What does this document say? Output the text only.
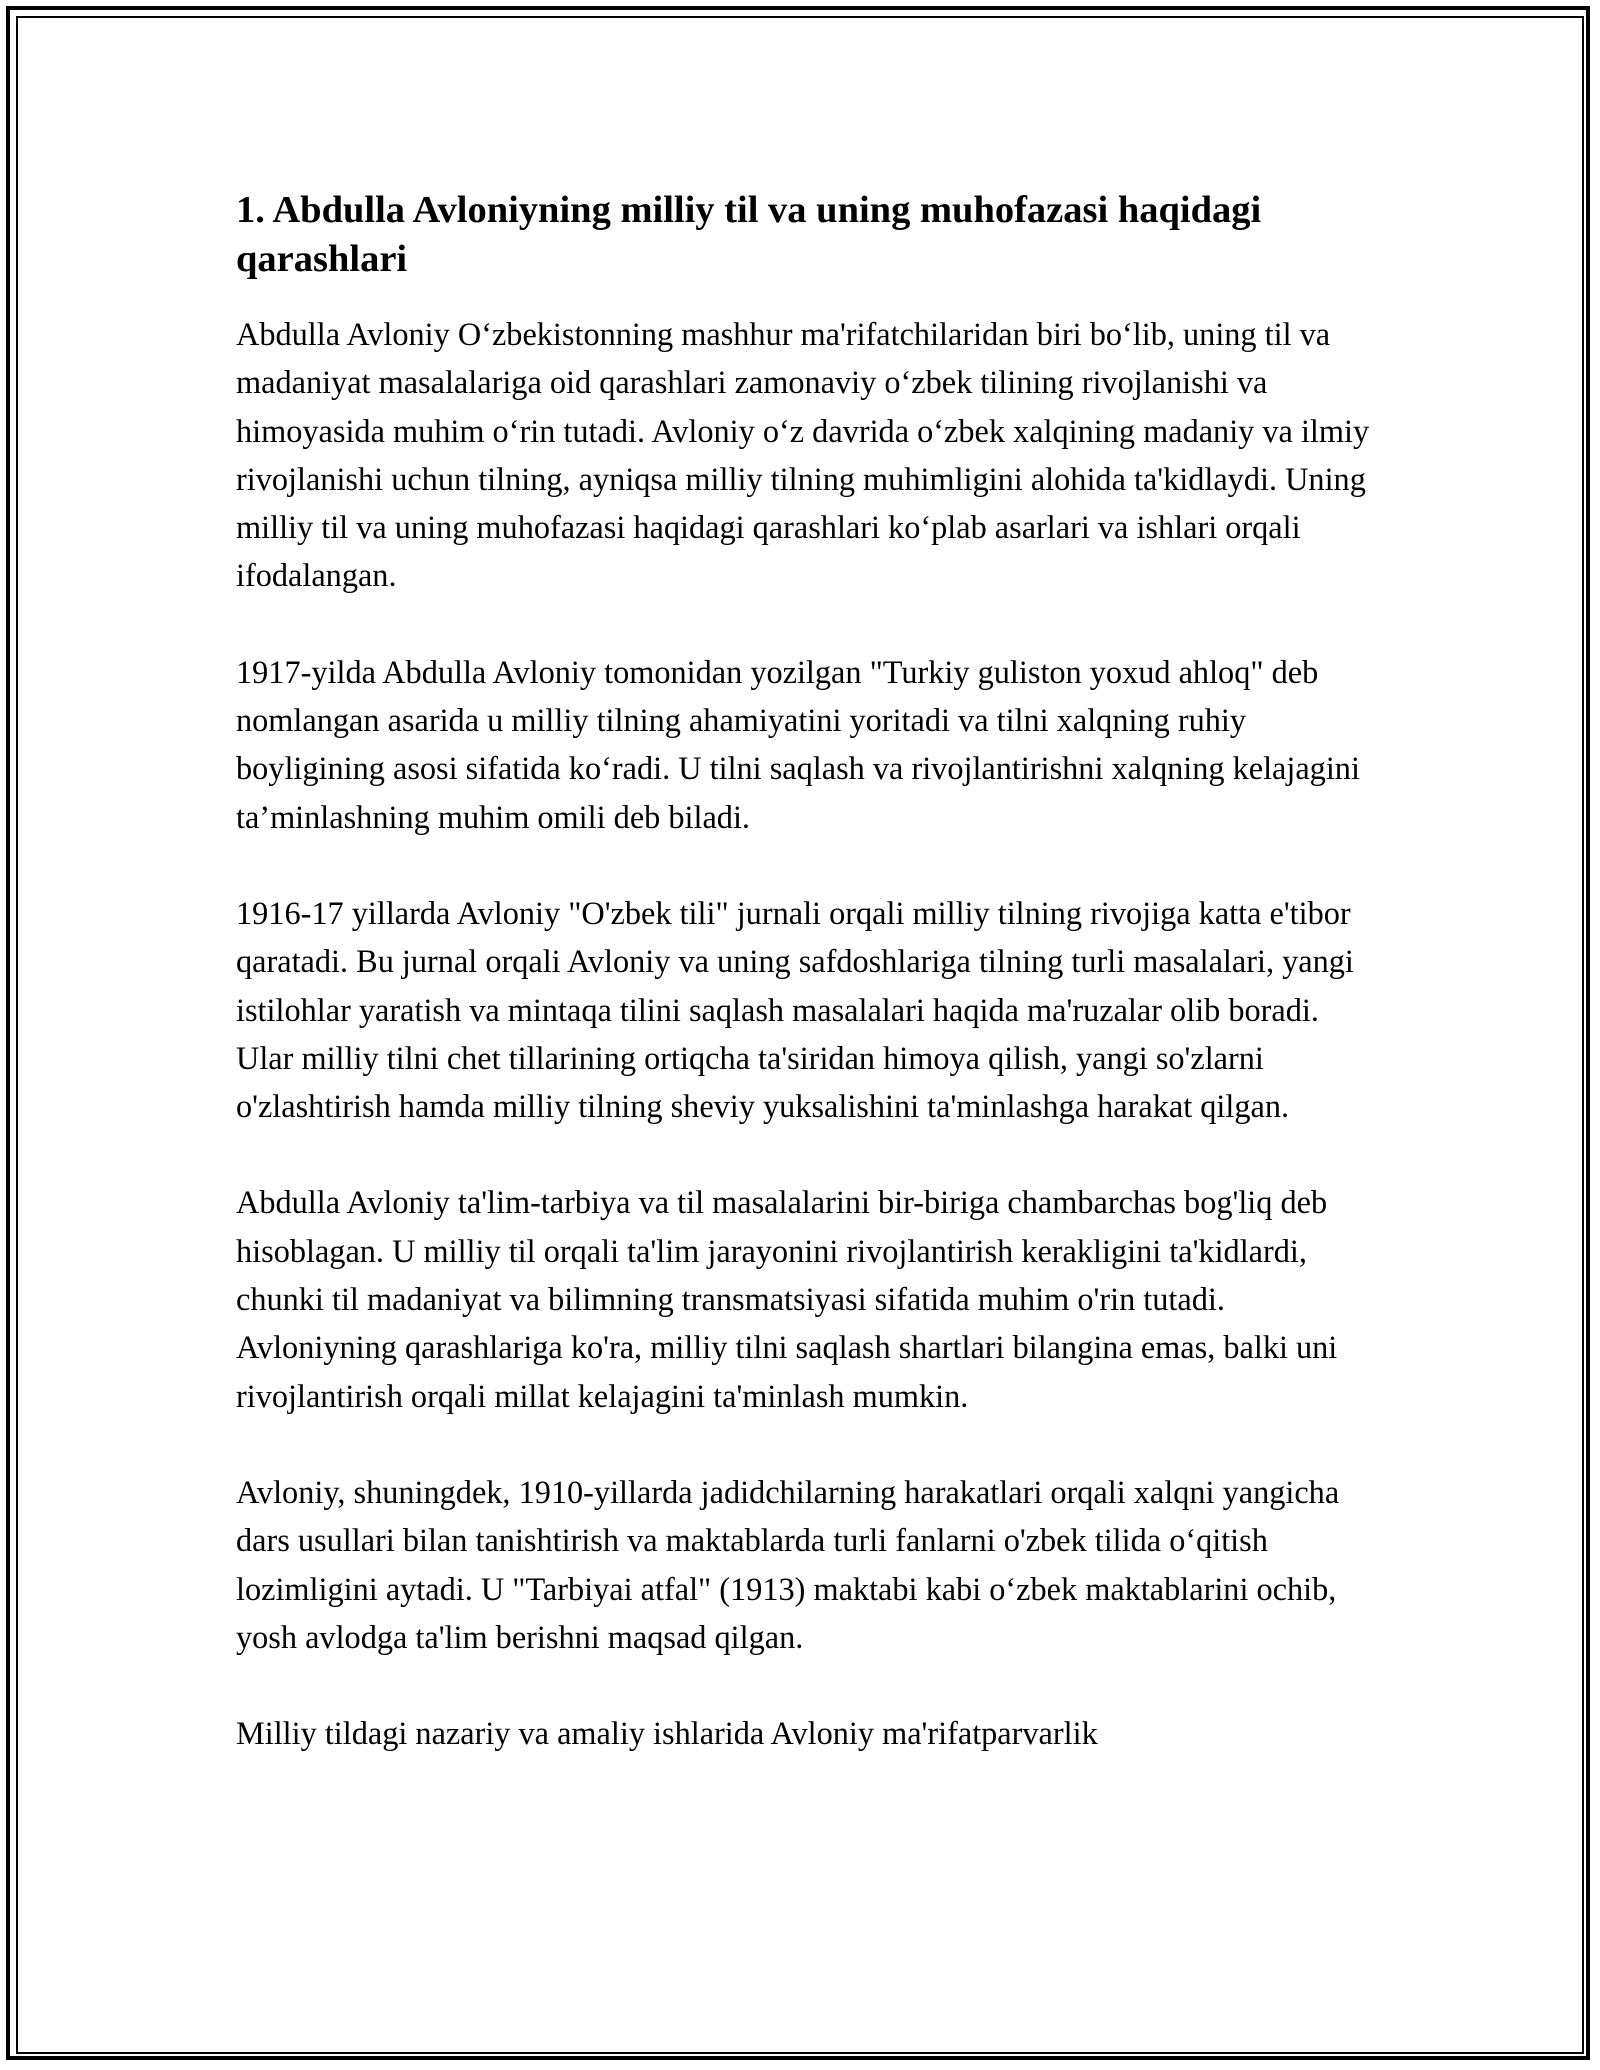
1. Abdulla Avloniyning milliy til va uning muhofazasi haqidagi qarashlari

Abdulla Avloniy O‘zbekistonning mashhur ma'rifatchilaridan biri bo‘lib, uning til va madaniyat masalalariga oid qarashlari zamonaviy o‘zbek tilining rivojlanishi va himoyasida muhim o‘rin tutadi. Avloniy o‘z davrida o‘zbek xalqining madaniy va ilmiy rivojlanishi uchun tilning, ayniqsa milliy tilning muhimligini alohida ta'kidlaydi. Uning milliy til va uning muhofazasi haqidagi qarashlari ko‘plab asarlari va ishlari orqali ifodalangan.

1917-yilda Abdulla Avloniy tomonidan yozilgan "Turkiy guliston yoxud ahloq" deb nomlangan asarida u milliy tilning ahamiyatini yoritadi va tilni xalqning ruhiy boyligining asosi sifatida ko‘radi. U tilni saqlash va rivojlantirishni xalqning kelajagini ta’minlashning muhim omili deb biladi.

1916-17 yillarda Avloniy "O'zbek tili" jurnali orqali milliy tilning rivojiga katta e'tibor qaratadi. Bu jurnal orqali Avloniy va uning safdoshlariga tilning turli masalalari, yangi istilohlar yaratish va mintaqa tilini saqlash masalalari haqida ma'ruzalar olib boradi. Ular milliy tilni chet tillarining ortiqcha ta'siridan himoya qilish, yangi so'zlarni o'zlashtirish hamda milliy tilning sheviy yuksalishini ta'minlashga harakat qilgan.

Abdulla Avloniy ta'lim-tarbiya va til masalalarini bir-biriga chambarchas bog'liq deb hisoblagan. U milliy til orqali ta'lim jarayonini rivojlantirish kerakligini ta'kidlardi, chunki til madaniyat va bilimning transmatsiyasi sifatida muhim o'rin tutadi. Avloniyning qarashlariga ko'ra, milliy tilni saqlash shartlari bilangina emas, balki uni rivojlantirish orqali millat kelajagini ta'minlash mumkin.

Avloniy, shuningdek, 1910-yillarda jadidchilarning harakatlari orqali xalqni yangicha dars usullari bilan tanishtirish va maktablarda turli fanlarni o'zbek tilida o‘qitish lozimligini aytadi. U "Tarbiyai atfal" (1913) maktabi kabi o‘zbek maktablarini ochib, yosh avlodga ta'lim berishni maqsad qilgan.

Milliy tildagi nazariy va amaliy ishlarida Avloniy ma'rifatparvarlik
